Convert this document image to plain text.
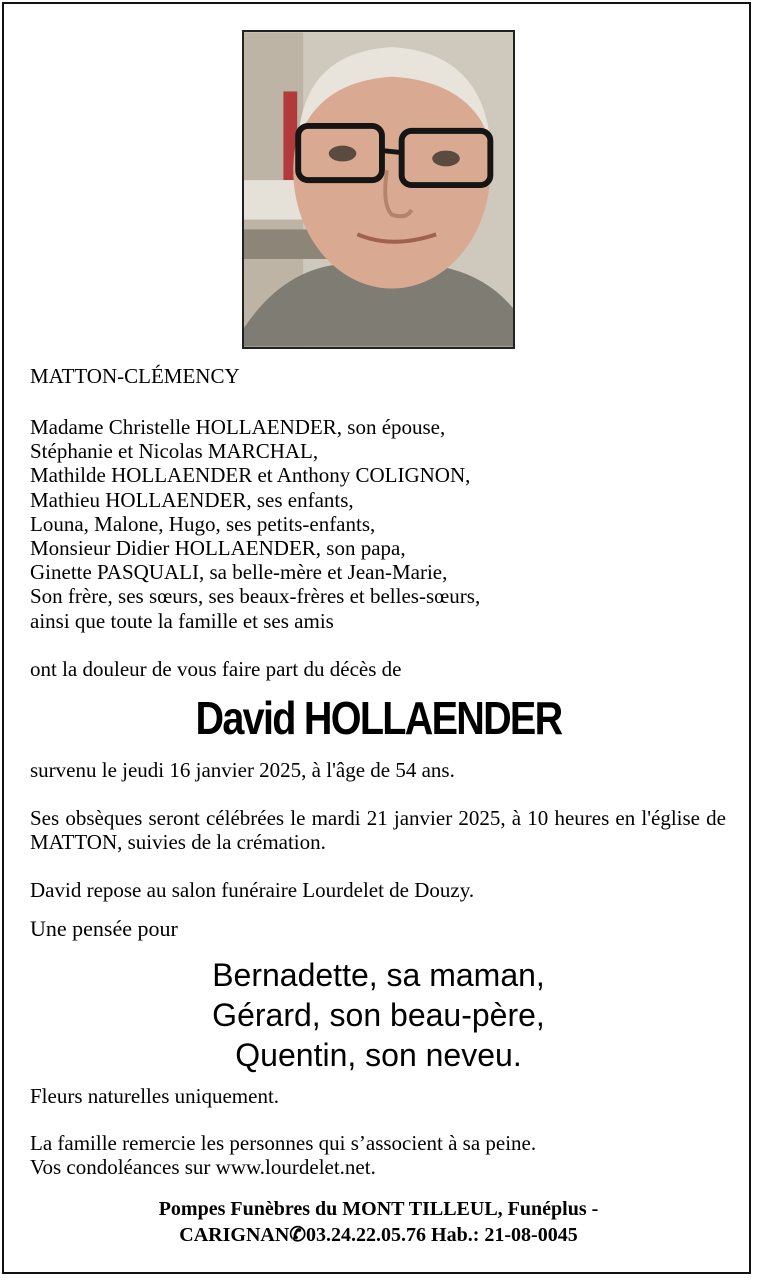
MATTON-CLÉMENCY
Madame Christelle HOLLAENDER, son épouse,
Stéphanie et Nicolas MARCHAL,
Mathilde HOLLAENDER et Anthony COLIGNON,
Mathieu HOLLAENDER, ses enfants,
Louna, Malone, Hugo, ses petits-enfants,
Monsieur Didier HOLLAENDER, son papa,
Ginette PASQUALI, sa belle-mère et Jean-Marie,
Son frère, ses sœurs, ses beaux-frères et belles-sœurs,
ainsi que toute la famille et ses amis
ont la douleur de vous faire part du décès de
David HOLLAENDER
survenu le jeudi 16 janvier 2025, à l'âge de 54 ans.
Ses obsèques seront célébrées le mardi 21 janvier 2025, à 10 heures en l'église de MATTON, suivies de la crémation.
David repose au salon funéraire Lourdelet de Douzy.
Une pensée pour
Bernadette, sa maman,
Gérard, son beau-père,
Quentin, son neveu.
Fleurs naturelles uniquement.
La famille remercie les personnes qui s’associent à sa peine.
Vos condoléances sur www.lourdelet.net.
Pompes Funèbres du MONT TILLEUL, Funéplus -
CARIGNAN✆03.24.22.05.76 Hab.: 21-08-0045
